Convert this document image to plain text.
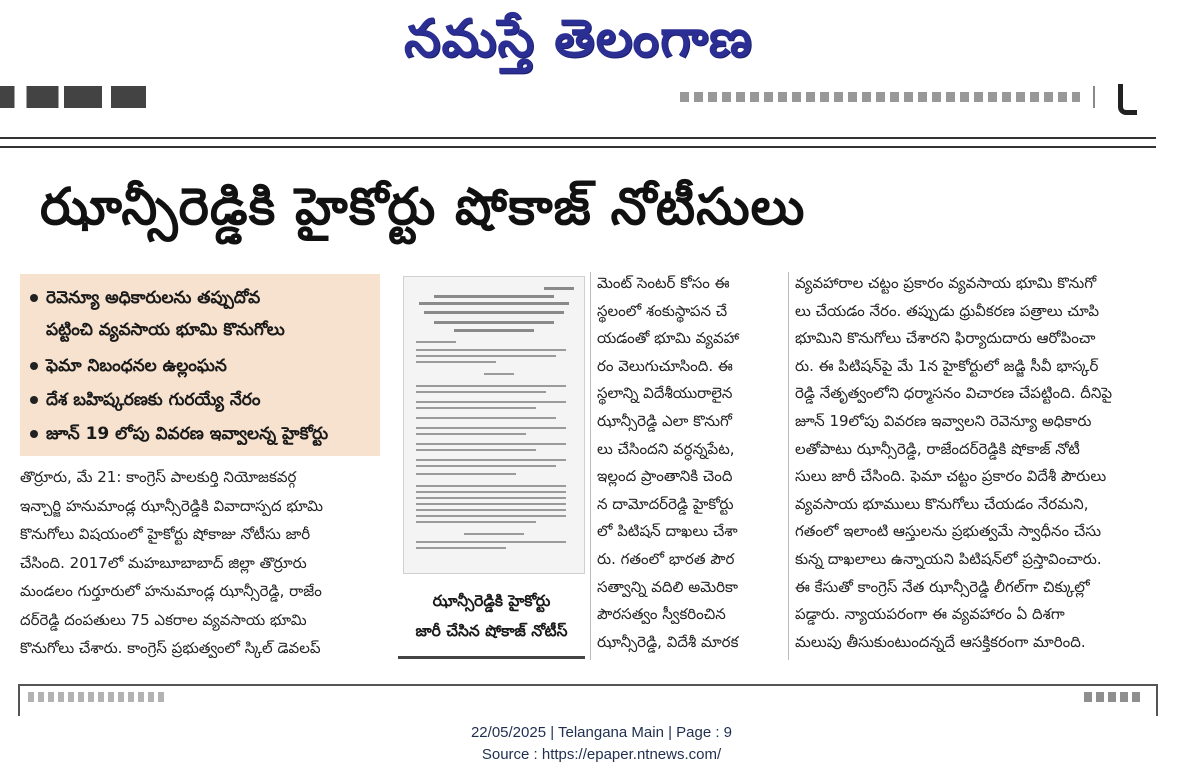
నమస్తే తెలంగాణ
ఝాన్సీరెడ్డికి హైకోర్టు షోకాజ్ నోటీసులు
రెవెన్యూ అధికారులను తప్పుదోవ
పట్టించి వ్యవసాయ భూమి కొనుగోలు
ఫెమా నిబంధనల ఉల్లంఘన
దేశ బహిష్కరణకు గురయ్యే నేరం
జూన్ 19 లోపు వివరణ ఇవ్వాలన్న హైకోర్టు
తొర్రూరు, మే 21: కాంగ్రెస్ పాలకుర్తి నియోజకవర్గ
ఇన్చార్జి హనుమాండ్ల ఝాన్సీరెడ్డికి వివాదాస్పద భూమి
కొనుగోలు విషయంలో హైకోర్టు షోకాజు నోటీసు జారీ
చేసింది. 2017లో మహబూబాబాద్ జిల్లా తొర్రూరు
మండలం గుర్తూరులో హనుమాండ్ల ఝాన్సీరెడ్డి, రాజేం
దర్‌రెడ్డి దంపతులు 75 ఎకరాల వ్యవసాయ భూమి
కొనుగోలు చేశారు. కాంగ్రెస్ ప్రభుత్వంలో స్కిల్ డెవలప్
ఝాన్సీరెడ్డికి హైకోర్టు
జారీ చేసిన షోకాజ్ నోటీస్
మెంట్ సెంటర్ కోసం ఈ
స్థలంలో శంకుస్థాపన చే
యడంతో భూమి వ్యవహా
రం వెలుగుచూసింది. ఈ
స్థలాన్ని విదేశీయురాలైన
ఝాన్సీరెడ్డి ఎలా కొనుగో
లు చేసిందని వర్ధన్నపేట,
ఇల్లంద ప్రాంతానికి చెంది
న దామోదర్‌రెడ్డి హైకోర్టు
లో పిటిషన్ దాఖలు చేశా
రు. గతంలో భారత పౌర
సత్వాన్ని వదిలి అమెరికా
పౌరసత్వం స్వీకరించిన
ఝాన్సీరెడ్డి, విదేశీ మారక
వ్యవహారాల చట్టం ప్రకారం వ్యవసాయ భూమి కొనుగో
లు చేయడం నేరం. తప్పుడు ధ్రువీకరణ పత్రాలు చూపి
భూమిని కొనుగోలు చేశారని ఫిర్యాదుదారు ఆరోపించా
రు. ఈ పిటిషన్‌పై మే 1న హైకోర్టులో జడ్జి సీవీ భాస్కర్
రెడ్డి నేతృత్వంలోని ధర్మాసనం విచారణ చేపట్టింది. దీనిపై
జూన్ 19లోపు వివరణ ఇవ్వాలని రెవెన్యూ అధికారు
లతోపాటు ఝాన్సీరెడ్డి, రాజేందర్‌రెడ్డికి షోకాజ్ నోటీ
సులు జారీ చేసింది. ఫెమా చట్టం ప్రకారం విదేశీ పౌరులు
వ్యవసాయ భూములు కొనుగోలు చేయడం నేరమని,
గతంలో ఇలాంటి ఆస్తులను ప్రభుత్వమే స్వాధీనం చేసు
కున్న దాఖలాలు ఉన్నాయని పిటిషన్‌లో ప్రస్తావించారు.
ఈ కేసుతో కాంగ్రెస్ నేత ఝాన్సీరెడ్డి లీగల్‌గా చిక్కుల్లో
పడ్డారు. న్యాయపరంగా ఈ వ్యవహారం ఏ దిశగా
మలుపు తీసుకుంటుందన్నదే ఆసక్తికరంగా మారింది.
22/05/2025 | Telangana Main | Page : 9
Source : https://epaper.ntnews.com/
